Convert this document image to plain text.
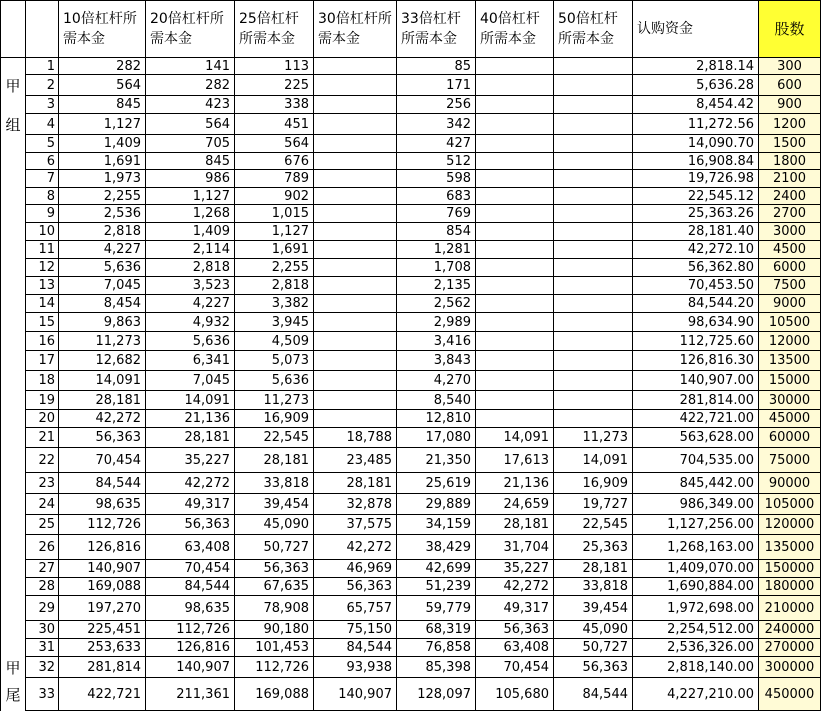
		10倍杠杆所需本金	20倍杠杆所需本金	25倍杠杆所需本金	30倍杠杆所需本金	33倍杠杆所需本金	40倍杠杆所需本金	50倍杠杆所需本金	认购资金	股数
	1	282	141	113		85			2,818.14	300
甲	2	564	282	225		171			5,636.28	600
	3	845	423	338		256			8,454.42	900
组	4	1,127	564	451		342			11,272.56	1200
	5	1,409	705	564		427			14,090.70	1500
	6	1,691	845	676		512			16,908.84	1800
	7	1,973	986	789		598			19,726.98	2100
	8	2,255	1,127	902		683			22,545.12	2400
	9	2,536	1,268	1,015		769			25,363.26	2700
	10	2,818	1,409	1,127		854			28,181.40	3000
	11	4,227	2,114	1,691		1,281			42,272.10	4500
	12	5,636	2,818	2,255		1,708			56,362.80	6000
	13	7,045	3,523	2,818		2,135			70,453.50	7500
	14	8,454	4,227	3,382		2,562			84,544.20	9000
	15	9,863	4,932	3,945		2,989			98,634.90	10500
	16	11,273	5,636	4,509		3,416			112,725.60	12000
	17	12,682	6,341	5,073		3,843			126,816.30	13500
	18	14,091	7,045	5,636		4,270			140,907.00	15000
	19	28,181	14,091	11,273		8,540			281,814.00	30000
	20	42,272	21,136	16,909		12,810			422,721.00	45000
	21	56,363	28,181	22,545	18,788	17,080	14,091	11,273	563,628.00	60000
	22	70,454	35,227	28,181	23,485	21,350	17,613	14,091	704,535.00	75000
	23	84,544	42,272	33,818	28,181	25,619	21,136	16,909	845,442.00	90000
	24	98,635	49,317	39,454	32,878	29,889	24,659	19,727	986,349.00	105000
	25	112,726	56,363	45,090	37,575	34,159	28,181	22,545	1,127,256.00	120000
	26	126,816	63,408	50,727	42,272	38,429	31,704	25,363	1,268,163.00	135000
	27	140,907	70,454	56,363	46,969	42,699	35,227	28,181	1,409,070.00	150000
	28	169,088	84,544	67,635	56,363	51,239	42,272	33,818	1,690,884.00	180000
	29	197,270	98,635	78,908	65,757	59,779	49,317	39,454	1,972,698.00	210000
	30	225,451	112,726	90,180	75,150	68,319	56,363	45,090	2,254,512.00	240000
	31	253,633	126,816	101,453	84,544	76,858	63,408	50,727	2,536,326.00	270000
甲	32	281,814	140,907	112,726	93,938	85,398	70,454	56,363	2,818,140.00	300000
尾	33	422,721	211,361	169,088	140,907	128,097	105,680	84,544	4,227,210.00	450000
